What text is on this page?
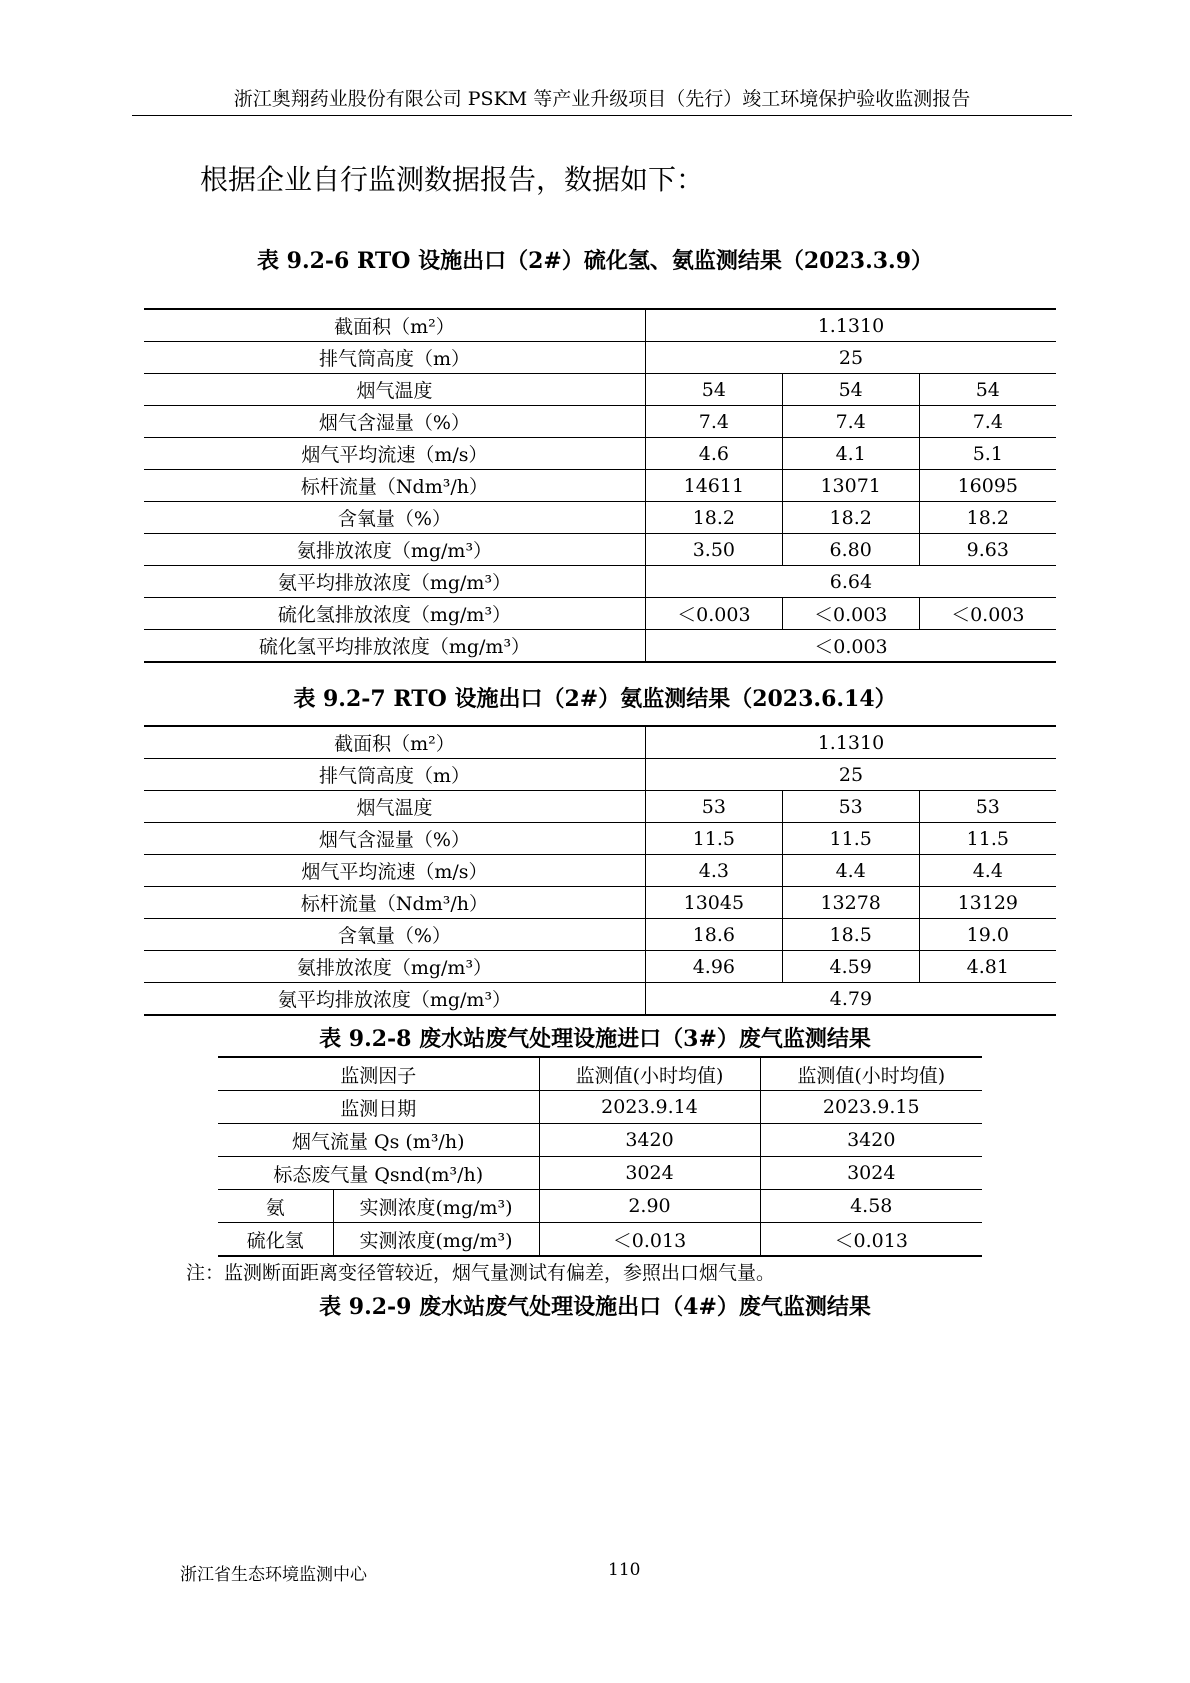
浙江奥翔药业股份有限公司 PSKM 等产业升级项目（先行）竣工环境保护验收监测报告
根据企业自行监测数据报告，数据如下：
表 9.2-6 RTO 设施出口（2#）硫化氢、氨监测结果（2023.3.9）
截面积（m²）	1.1310		
排气筒高度（m）	25		
烟气温度	54	54	54
烟气含湿量（%）	7.4	7.4	7.4
烟气平均流速（m/s）	4.6	4.1	5.1
标杆流量（Ndm³/h）	14611	13071	16095
含氧量（%）	18.2	18.2	18.2
氨排放浓度（mg/m³）	3.50	6.80	9.63
氨平均排放浓度（mg/m³）	6.64		
硫化氢排放浓度（mg/m³）	＜0.003	＜0.003	＜0.003
硫化氢平均排放浓度（mg/m³）	＜0.003		
表 9.2-7 RTO 设施出口（2#）氨监测结果（2023.6.14）
截面积（m²）	1.1310		
排气筒高度（m）	25		
烟气温度	53	53	53
烟气含湿量（%）	11.5	11.5	11.5
烟气平均流速（m/s）	4.3	4.4	4.4
标杆流量（Ndm³/h）	13045	13278	13129
含氧量（%）	18.6	18.5	19.0
氨排放浓度（mg/m³）	4.96	4.59	4.81
氨平均排放浓度（mg/m³）	4.79		
表 9.2-8 废水站废气处理设施进口（3#）废气监测结果
监测因子		监测值(小时均值)	监测值(小时均值)
监测日期		2023.9.14	2023.9.15
烟气流量 Qs (m³/h)		3420	3420
标态废气量 Qsnd(m³/h)		3024	3024
氨	实测浓度(mg/m³)	2.90	4.58
硫化氢	实测浓度(mg/m³)	＜0.013	＜0.013
注：监测断面距离变径管较近，烟气量测试有偏差，参照出口烟气量。
表 9.2-9 废水站废气处理设施出口（4#）废气监测结果
浙江省生态环境监测中心	110
